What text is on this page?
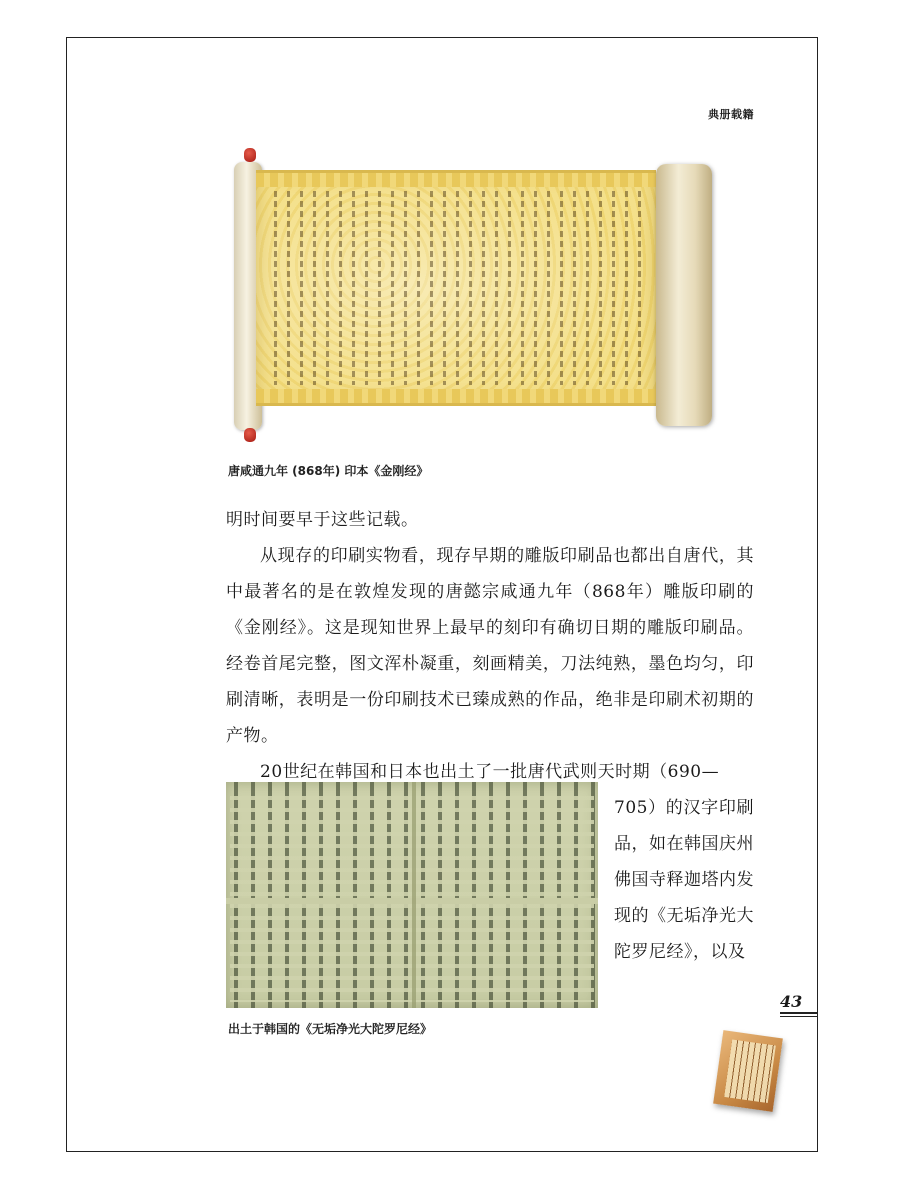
典册载籍
唐咸通九年 (868年) 印本《金刚经》

明时间要早于这些记载。

从现存的印刷实物看，现存早期的雕版印刷品也都出自唐代，其中最著名的是在敦煌发现的唐懿宗咸通九年（868年）雕版印刷的《金刚经》。这是现知世界上最早的刻印有确切日期的雕版印刷品。经卷首尾完整，图文浑朴凝重，刻画精美，刀法纯熟，墨色均匀，印刷清晰，表明是一份印刷技术已臻成熟的作品，绝非是印刷术初期的产物。

20世纪在韩国和日本也出土了一批唐代武则天时期（690—

705）的汉字印刷品，如在韩国庆州佛国寺释迦塔内发现的《无垢净光大陀罗尼经》，以及

出土于韩国的《无垢净光大陀罗尼经》
43
